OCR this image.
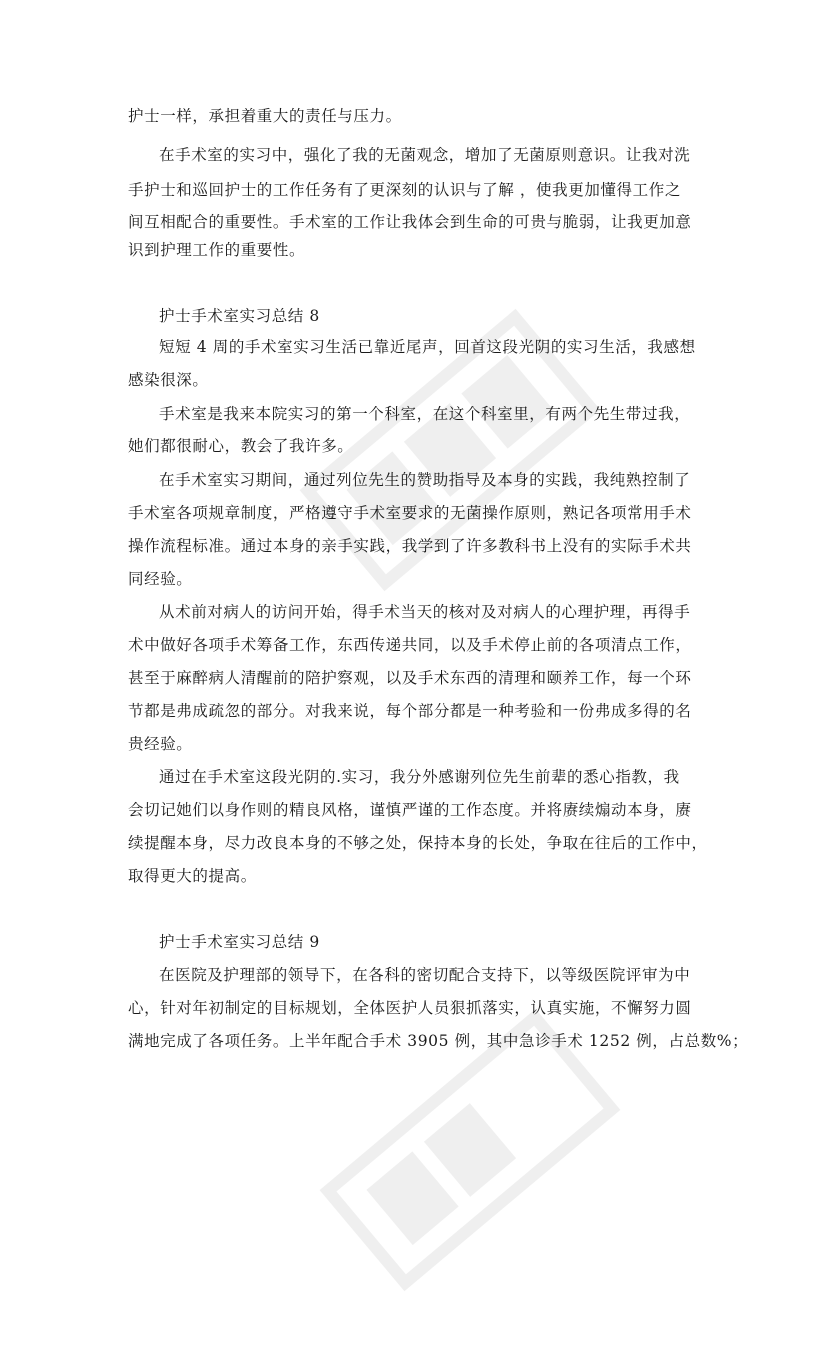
护士一样，承担着重大的责任与压力。
在手术室的实习中，强化了我的无菌观念，增加了无菌原则意识。让我对洗
手护士和巡回护士的工作任务有了更深刻的认识与了解 ，使我更加懂得工作之
间互相配合的重要性。手术室的工作让我体会到生命的可贵与脆弱，让我更加意
识到护理工作的重要性。
护士手术室实习总结 8
短短 4 周的手术室实习生活已靠近尾声，回首这段光阴的实习生活，我感想
感染很深。
手术室是我来本院实习的第一个科室，在这个科室里，有两个先生带过我，
她们都很耐心，教会了我许多。
在手术室实习期间，通过列位先生的赞助指导及本身的实践，我纯熟控制了
手术室各项规章制度，严格遵守手术室要求的无菌操作原则，熟记各项常用手术
操作流程标准。通过本身的亲手实践，我学到了许多教科书上没有的实际手术共
同经验。
从术前对病人的访问开始，得手术当天的核对及对病人的心理护理，再得手
术中做好各项手术筹备工作，东西传递共同，以及手术停止前的各项清点工作，
甚至于麻醉病人清醒前的陪护察观，以及手术东西的清理和颐养工作，每一个环
节都是弗成疏忽的部分。对我来说，每个部分都是一种考验和一份弗成多得的名
贵经验。
通过在手术室这段光阴的.实习，我分外感谢列位先生前辈的悉心指教，我
会切记她们以身作则的精良风格，谨慎严谨的工作态度。并将赓续煽动本身，赓
续提醒本身，尽力改良本身的不够之处，保持本身的长处，争取在往后的工作中，
取得更大的提高。
护士手术室实习总结 9
在医院及护理部的领导下，在各科的密切配合支持下，以等级医院评审为中
心，针对年初制定的目标规划，全体医护人员狠抓落实，认真实施，不懈努力圆
满地完成了各项任务。上半年配合手术 3905 例，其中急诊手术 1252 例，占总数%；
